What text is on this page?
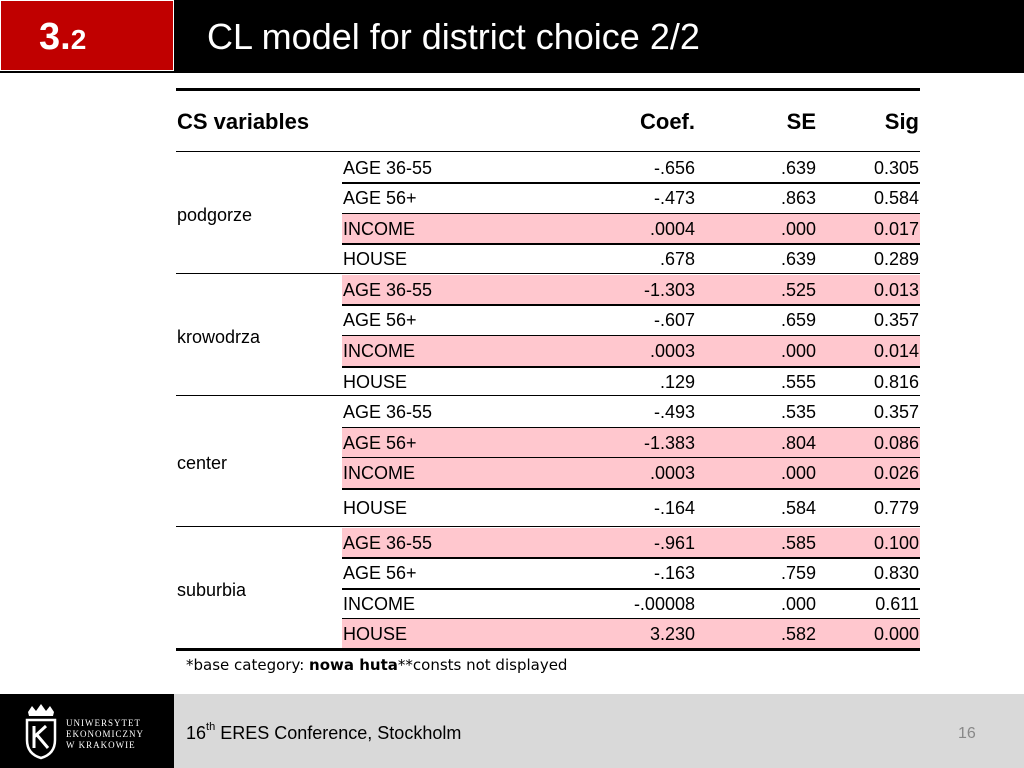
3.2	CL model for district choice 2/2
CS variables	Coef.	SE	Sig
podgorze
AGE 36-55	-.656	.639	0.305
AGE 56+	-.473	.863	0.584
INCOME	.0004	.000	0.017
HOUSE	.678	.639	0.289
krowodrza
AGE 36-55	-1.303	.525	0.013
AGE 56+	-.607	.659	0.357
INCOME	.0003	.000	0.014
HOUSE	.129	.555	0.816
center
AGE 36-55	-.493	.535	0.357
AGE 56+	-1.383	.804	0.086
INCOME	.0003	.000	0.026
HOUSE	-.164	.584	0.779
suburbia
AGE 36-55	-.961	.585	0.100
AGE 56+	-.163	.759	0.830
INCOME	-.00008	.000	0.611
HOUSE	3.230	.582	0.000
*base category: nowa huta**consts not displayed
UNIWERSYTET
EKONOMICZNY
W KRAKOWIE
16th ERES Conference, Stockholm	16
